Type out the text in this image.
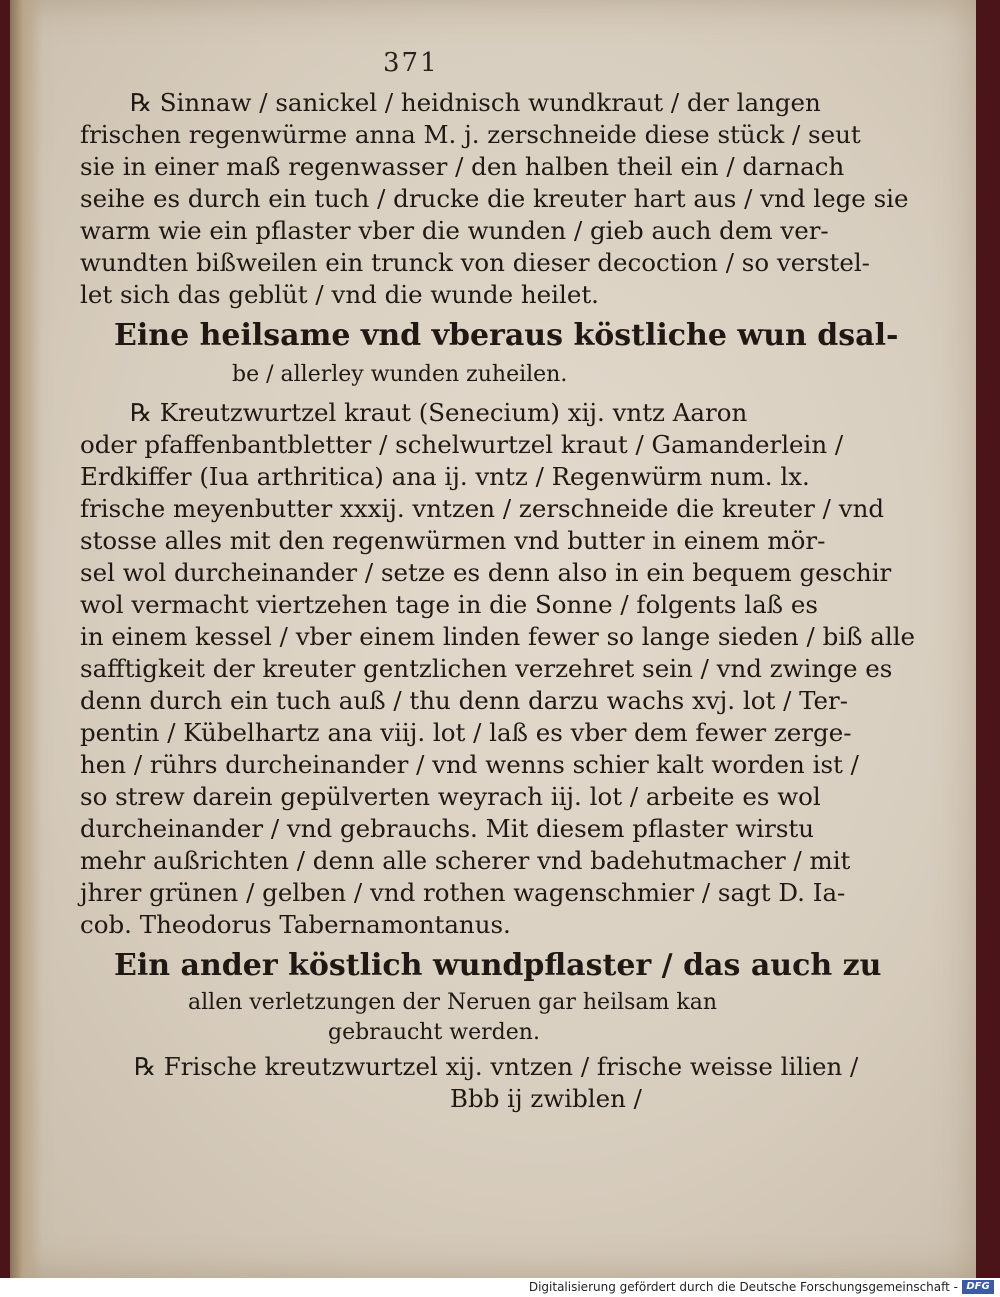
371
℞ Sinnaw / sanickel / heidnisch wundkraut / der langen
frischen regenwürme anna M. j. zerschneide diese stück / seut
sie in einer maß regenwasser / den halben theil ein / darnach
seihe es durch ein tuch / drucke die kreuter hart aus / vnd lege sie
warm wie ein pflaster vber die wunden / gieb auch dem ver-
wundten bißweilen ein trunck von dieser decoction / so verstel-
let sich das geblüt / vnd die wunde heilet.
Eine heilsame vnd vberaus köstliche wun dsal-
be / allerley wunden zuheilen.
℞ Kreutzwurtzel kraut (Senecium) xij. vntz Aaron
oder pfaffenbantbletter / schelwurtzel kraut / Gamanderlein /
Erdkiffer (Iua arthritica) ana ij. vntz / Regenwürm num. lx.
frische meyenbutter xxxij. vntzen / zerschneide die kreuter / vnd
stosse alles mit den regenwürmen vnd butter in einem mör-
sel wol durcheinander / setze es denn also in ein bequem geschir
wol vermacht viertzehen tage in die Sonne / folgents laß es
in einem kessel / vber einem linden fewer so lange sieden / biß alle
safftigkeit der kreuter gentzlichen verzehret sein / vnd zwinge es
denn durch ein tuch auß / thu denn darzu wachs xvj. lot / Ter-
pentin / Kübelhartz ana viij. lot / laß es vber dem fewer zerge-
hen / rührs durcheinander / vnd wenns schier kalt worden ist /
so strew darein gepülverten weyrach iij. lot / arbeite es wol
durcheinander / vnd gebrauchs. Mit diesem pflaster wirstu
mehr außrichten / denn alle scherer vnd badehutmacher / mit
jhrer grünen / gelben / vnd rothen wagenschmier / sagt D. Ia-
cob. Theodorus Tabernamontanus.
Ein ander köstlich wundpflaster / das auch zu
allen verletzungen der Neruen gar heilsam kan
gebraucht werden.
℞ Frische kreutzwurtzel xij. vntzen / frische weisse lilien /
Bbb ij zwiblen /
Digitalisierung gefördert durch die Deutsche Forschungsgemeinschaft - DFG
